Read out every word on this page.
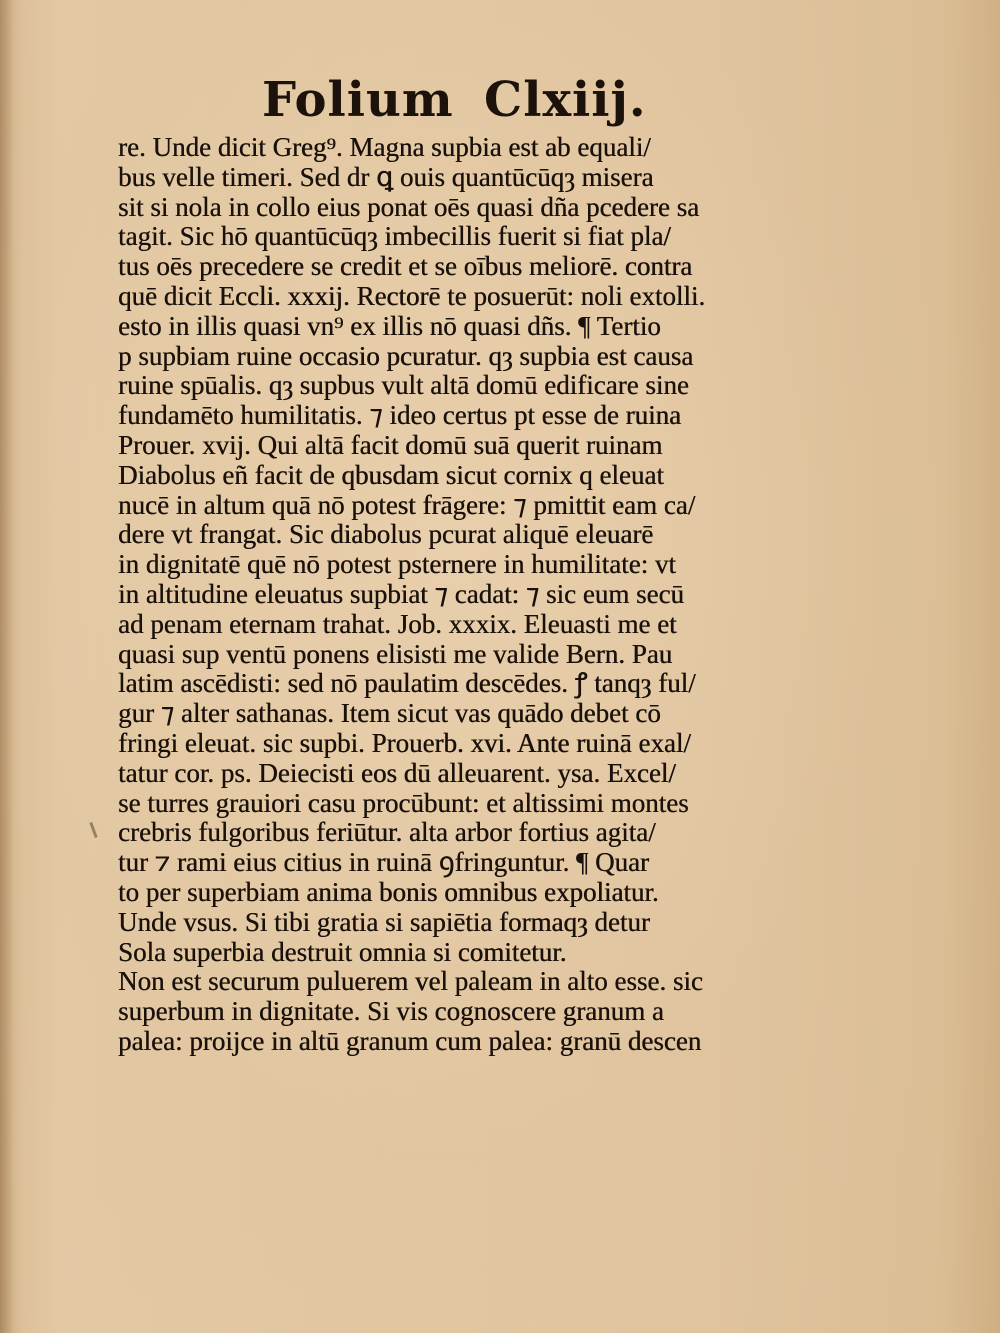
Folium Clxiij.
re. Unde dicit Greg⁹. Magna supbia est ab equali/
bus velle timeri. Sed dr ꝗ ouis quantūcūqȝ misera
sit si nola in collo eius ponat oēs quasi dña pcedere sa
tagit. Sic hō quantūcūqȝ imbecillis fuerit si fiat pla/
tus oēs precedere se credit et se oībus meliorē. contra
quē dicit Eccli. xxxij. Rectorē te posuerūt: noli extolli.
esto in illis quasi vn⁹ ex illis nō quasi dñs. ¶ Tertio
p supbiam ruine occasio pcuratur. qȝ supbia est causa
ruine spūalis. qȝ supbus vult altā domū edificare sine
fundamēto humilitatis. ⁊ ideo certus pt esse de ruina
Prouer. xvij. Qui altā facit domū suā querit ruinam
Diabolus eñ facit de qbusdam sicut cornix q eleuat
nucē in altum quā nō potest frāgere: ⁊ pmittit eam ca/
dere vt frangat. Sic diabolus pcurat aliquē eleuarē
in dignitatē quē nō potest psternere in humilitate: vt
in altitudine eleuatus supbiat ⁊ cadat: ⁊ sic eum secū
ad penam eternam trahat. Job. xxxix. Eleuasti me et
quasi sup ventū ponens elisisti me valide Bern. Pau
latim ascēdisti: sed nō paulatim descēdes. ꝭ tanqȝ ful/
gur ⁊ alter sathanas. Item sicut vas quādo debet cō
fringi eleuat. sic supbi. Prouerb. xvi. Ante ruinā exal/
tatur cor. ps. Deiecisti eos dū alleuarent. ysa. Excel/
se turres grauiori casu procūbunt: et altissimi montes
crebris fulgoribus feriūtur. alta arbor fortius agita/
tur ⁊ rami eius citius in ruinā ꝯfringuntur. ¶ Quar
to per superbiam anima bonis omnibus expoliatur.
Unde vsus. Si tibi gratia si sapiētia formaqȝ detur
Sola superbia destruit omnia si comitetur.
Non est securum puluerem vel paleam in alto esse. sic
superbum in dignitate. Si vis cognoscere granum a
palea: proijce in altū granum cum palea: granū descen
